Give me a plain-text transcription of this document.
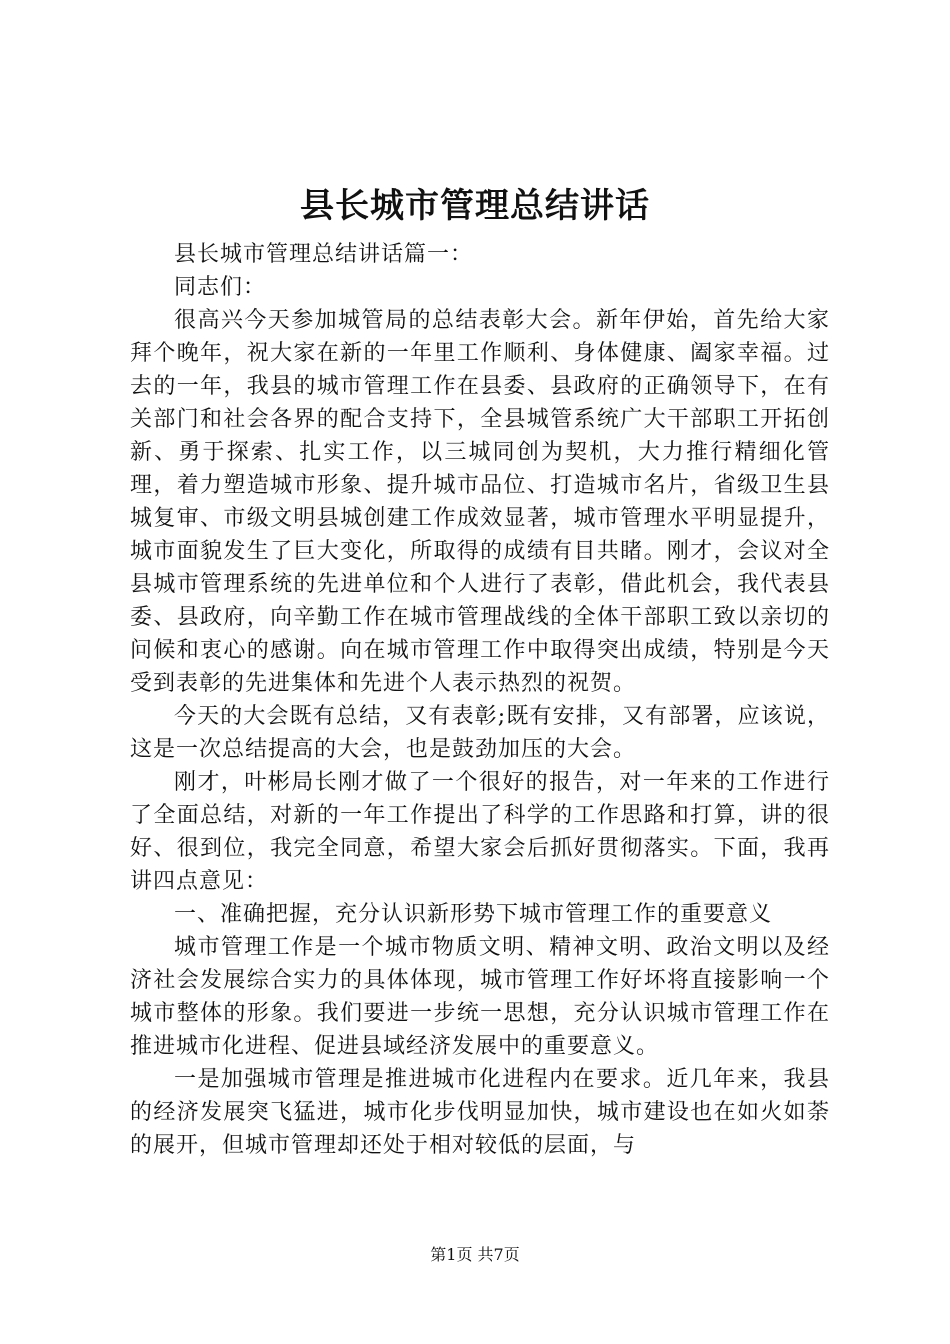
县长城市管理总结讲话

县长城市管理总结讲话篇一：

同志们：

很高兴今天参加城管局的总结表彰大会。新年伊始，首先给大家拜个晚年，祝大家在新的一年里工作顺利、身体健康、阖家幸福。过去的一年，我县的城市管理工作在县委、县政府的正确领导下，在有关部门和社会各界的配合支持下，全县城管系统广大干部职工开拓创新、勇于探索、扎实工作，以三城同创为契机，大力推行精细化管理，着力塑造城市形象、提升城市品位、打造城市名片，省级卫生县城复审、市级文明县城创建工作成效显著，城市管理水平明显提升，城市面貌发生了巨大变化，所取得的成绩有目共睹。刚才，会议对全县城市管理系统的先进单位和个人进行了表彰，借此机会，我代表县委、县政府，向辛勤工作在城市管理战线的全体干部职工致以亲切的问候和衷心的感谢。向在城市管理工作中取得突出成绩，特别是今天受到表彰的先进集体和先进个人表示热烈的祝贺。

今天的大会既有总结，又有表彰;既有安排，又有部署，应该说，这是一次总结提高的大会，也是鼓劲加压的大会。

刚才，叶彬局长刚才做了一个很好的报告，对一年来的工作进行了全面总结，对新的一年工作提出了科学的工作思路和打算，讲的很好、很到位，我完全同意，希望大家会后抓好贯彻落实。下面，我再讲四点意见：

一、准确把握，充分认识新形势下城市管理工作的重要意义

城市管理工作是一个城市物质文明、精神文明、政治文明以及经济社会发展综合实力的具体体现，城市管理工作好坏将直接影响一个城市整体的形象。我们要进一步统一思想，充分认识城市管理工作在推进城市化进程、促进县域经济发展中的重要意义。

一是加强城市管理是推进城市化进程内在要求。近几年来，我县的经济发展突飞猛进，城市化步伐明显加快，城市建设也在如火如荼的展开，但城市管理却还处于相对较低的层面，与

第1页 共7页
